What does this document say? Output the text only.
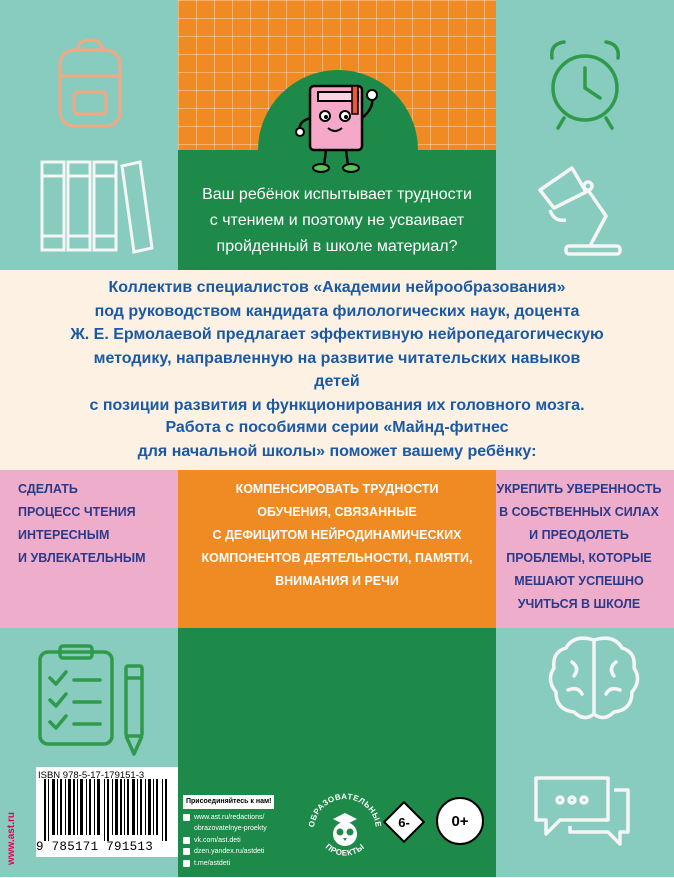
Ваш ребёнок испытывает трудности
с чтением и поэтому не усваивает
пройденный в школе материал?
Коллектив специалистов «Академии нейрообразования»
под руководством кандидата филологических наук, доцента
Ж. Е. Ермолаевой предлагает эффективную нейропедагогическую
методику, направленную на развитие читательских навыков детей
с позиции развития и функционирования их головного мозга.
Работа с пособиями серии «Майнд-фитнес
для начальной школы» поможет вашему ребёнку:
СДЕЛАТЬ
ПРОЦЕСС ЧТЕНИЯ
ИНТЕРЕСНЫМ
И УВЛЕКАТЕЛЬНЫМ
КОМПЕНСИРОВАТЬ ТРУДНОСТИ
ОБУЧЕНИЯ, СВЯЗАННЫЕ
С ДЕФИЦИТОМ НЕЙРОДИНАМИЧЕСКИХ
КОМПОНЕНТОВ ДЕЯТЕЛЬНОСТИ, ПАМЯТИ,
ВНИМАНИЯ И РЕЧИ
УКРЕПИТЬ УВЕРЕННОСТЬ
В СОБСТВЕННЫХ СИЛАХ
И ПРЕОДОЛЕТЬ
ПРОБЛЕМЫ, КОТОРЫЕ
МЕШАЮТ УСПЕШНО
УЧИТЬСЯ В ШКОЛЕ
ISBN 978-5-17-179151-3
9 785171 791513
www.ast.ru
Присоединяйтесь к нам!
www.ast.ru/redactions/
obrazovatelnye-proekty
vk.com/ast.deti
dzen.yandex.ru/astdeti
t.me/astdeti
ОБРАЗОВАТЕЛЬНЫЕ
ПРОЕКТЫ
6-	0+
